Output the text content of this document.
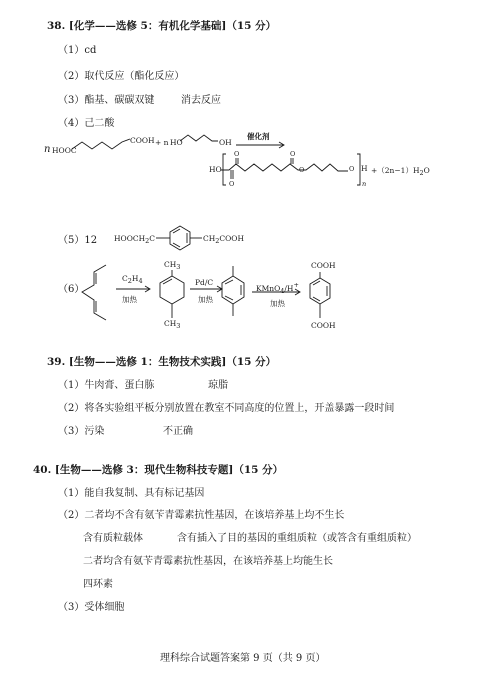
38. [化学——选修 5：有机化学基础]（15 分）
（1）cd
（2）取代反应（酯化反应）
（3）酯基、碳碳双键	消去反应
（4）己二酸
n HOOC
COOH + n HO	OH
催化剂
HO
O
O
O
O	O H
n
+（2n−1）H2O
（5）12 HOOCH2C	CH2COOH
（6）
C2H4
加热
CH3
CH3
Pd/C
加热
KMnO4/H+
加热
COOH
COOH
39. [生物——选修 1：生物技术实践]（15 分）
（1）牛肉膏、蛋白胨	琼脂
（2）将各实验组平板分别放置在教室不同高度的位置上，开盖暴露一段时间
（3）污染	不正确
40. [生物——选修 3：现代生物科技专题]（15 分）
（1）能自我复制、具有标记基因
（2）二者均不含有氨苄青霉素抗性基因，在该培养基上均不生长
含有质粒载体	含有插入了目的基因的重组质粒（或答含有重组质粒）
二者均含有氨苄青霉素抗性基因，在该培养基上均能生长
四环素
（3）受体细胞
理科综合试题答案第 9 页（共 9 页）
